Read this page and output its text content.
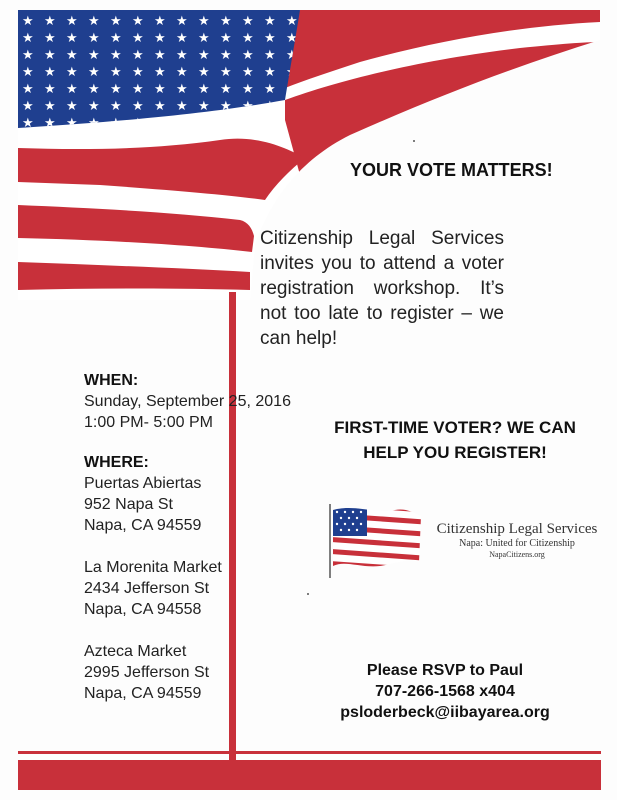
YOUR VOTE MATTERS!

Citizenship Legal Services invites you to attend a voter registration workshop. It’s not too late to register – we can help!

FIRST-TIME VOTER? WE CAN HELP YOU REGISTER!

WHEN:
Sunday, September 25, 2016
1:00 PM- 5:00 PM
WHERE:
Puertas Abiertas
952 Napa St
Napa, CA 94559
La Morenita Market
2434 Jefferson St
Napa, CA 94558
Azteca Market
2995 Jefferson St
Napa, CA 94559
Citizenship Legal Services
Napa: United for Citizenship
NapaCitizens.org
Please RSVP to Paul
707-266-1568 x404
psloderbeck@iibayarea.org
